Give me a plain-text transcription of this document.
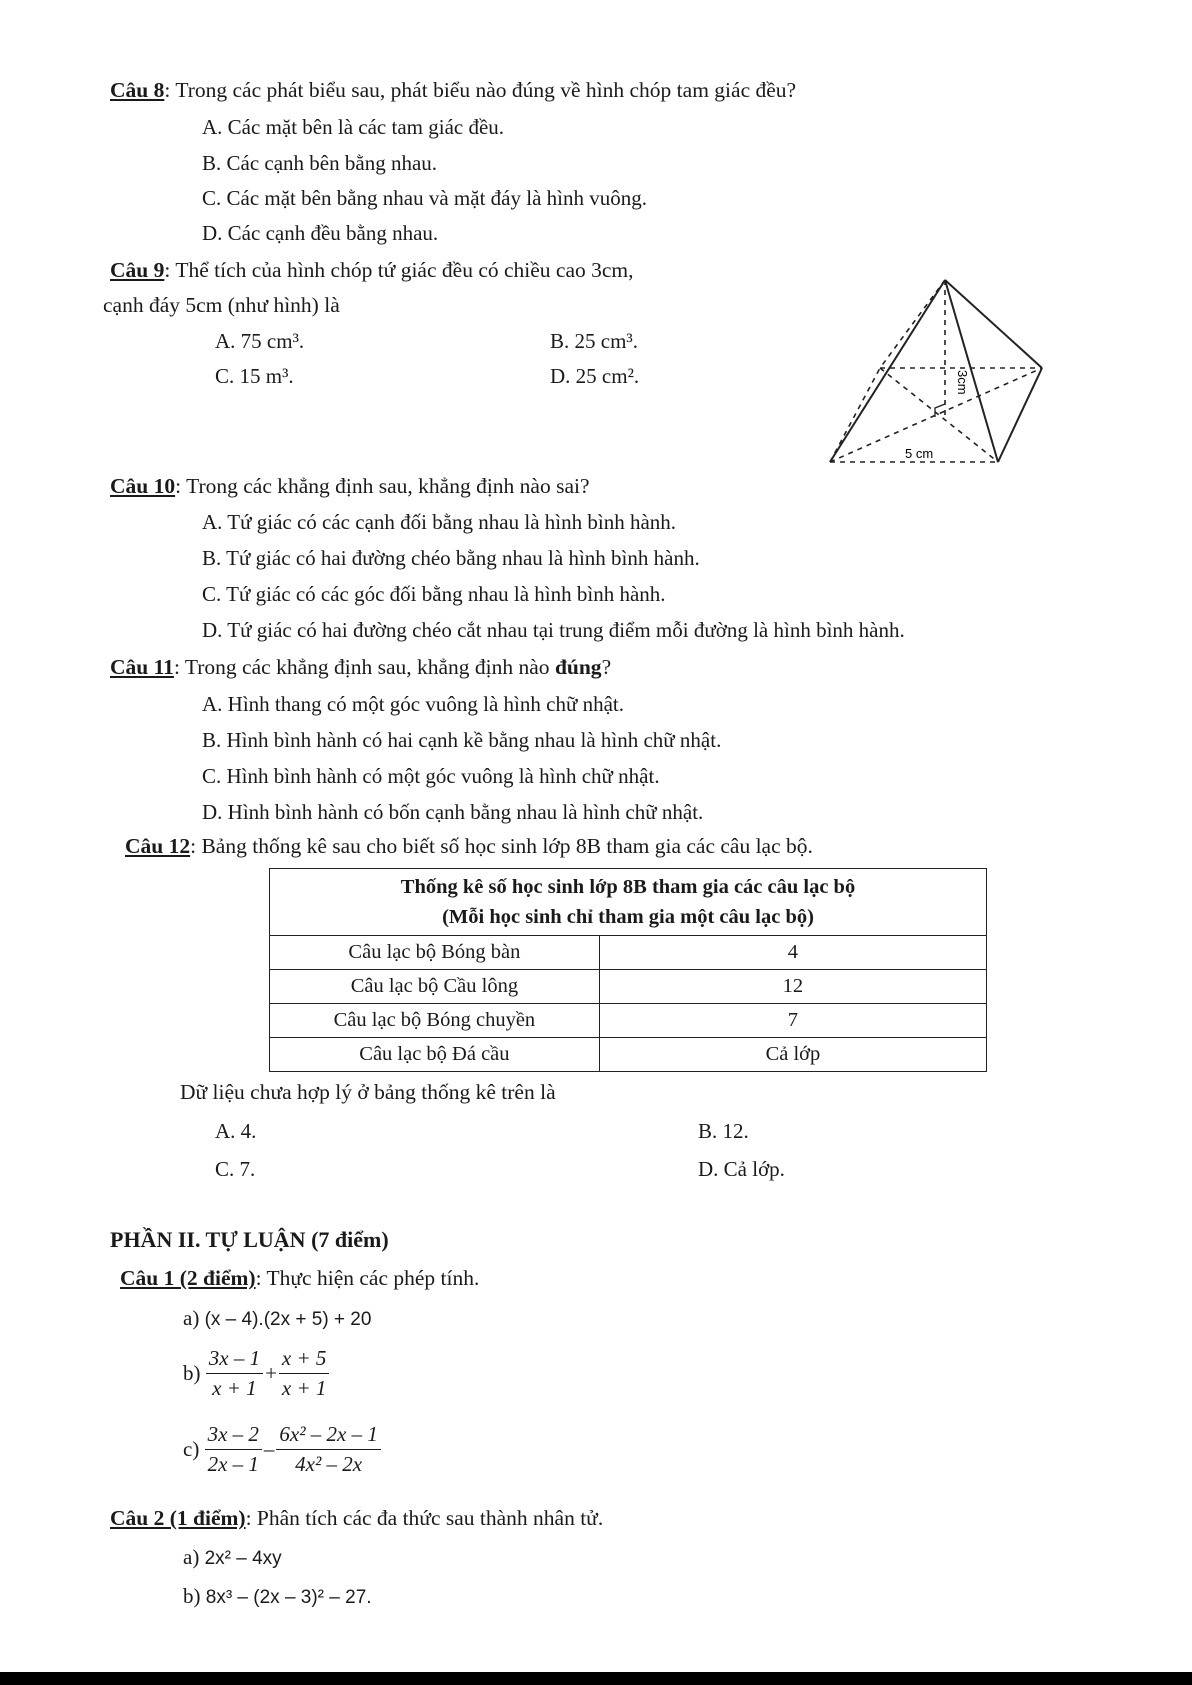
Câu 8: Trong các phát biểu sau, phát biểu nào đúng về hình chóp tam giác đều?
A. Các mặt bên là các tam giác đều.
B. Các cạnh bên bằng nhau.
C. Các mặt bên bằng nhau và mặt đáy là hình vuông.
D. Các cạnh đều bằng nhau.
Câu 9: Thể tích của hình chóp tứ giác đều có chiều cao 3cm,
cạnh đáy 5cm (như hình) là
A. 75 cm³.	B. 25 cm³.
C. 15 m³.	D. 25 cm².	3cm
5 cm
Câu 10: Trong các khẳng định sau, khẳng định nào sai?
A. Tứ giác có các cạnh đối bằng nhau là hình bình hành.
B. Tứ giác có hai đường chéo bằng nhau là hình bình hành.
C. Tứ giác có các góc đối bằng nhau là hình bình hành.
D. Tứ giác có hai đường chéo cắt nhau tại trung điểm mỗi đường là hình bình hành.
Câu 11: Trong các khẳng định sau, khẳng định nào đúng?
A. Hình thang có một góc vuông là hình chữ nhật.
B. Hình bình hành có hai cạnh kề bằng nhau là hình chữ nhật.
C. Hình bình hành có một góc vuông là hình chữ nhật.
D. Hình bình hành có bốn cạnh bằng nhau là hình chữ nhật.
Câu 12: Bảng thống kê sau cho biết số học sinh lớp 8B tham gia các câu lạc bộ.
Thống kê số học sinh lớp 8B tham gia các câu lạc bộ
(Mỗi học sinh chỉ tham gia một câu lạc bộ)	

Câu lạc bộ Bóng bàn	4
Câu lạc bộ Cầu lông	12
Câu lạc bộ Bóng chuyền	7
Câu lạc bộ Đá cầu	Cả lớp
Dữ liệu chưa hợp lý ở bảng thống kê trên là
A. 4.	B. 12.
C. 7.	D. Cả lớp.
PHẦN II. TỰ LUẬN (7 điểm)
Câu 1 (2 điểm): Thực hiện các phép tính.
a) (x – 4).(2x + 5) + 20
$b) \frac{3x - 1}{x + 1} + \frac{x + 5}{x + 1}$
$c) \frac{3x - 2}{2x - 1} - \frac{\text{6x² – 2x – 1}}{\text{4x² – 2x}}$
Câu 2 (1 điểm): Phân tích các đa thức sau thành nhân tử.
a) 2x² – 4xy
b) 8x³ – (2x – 3)² – 27.
